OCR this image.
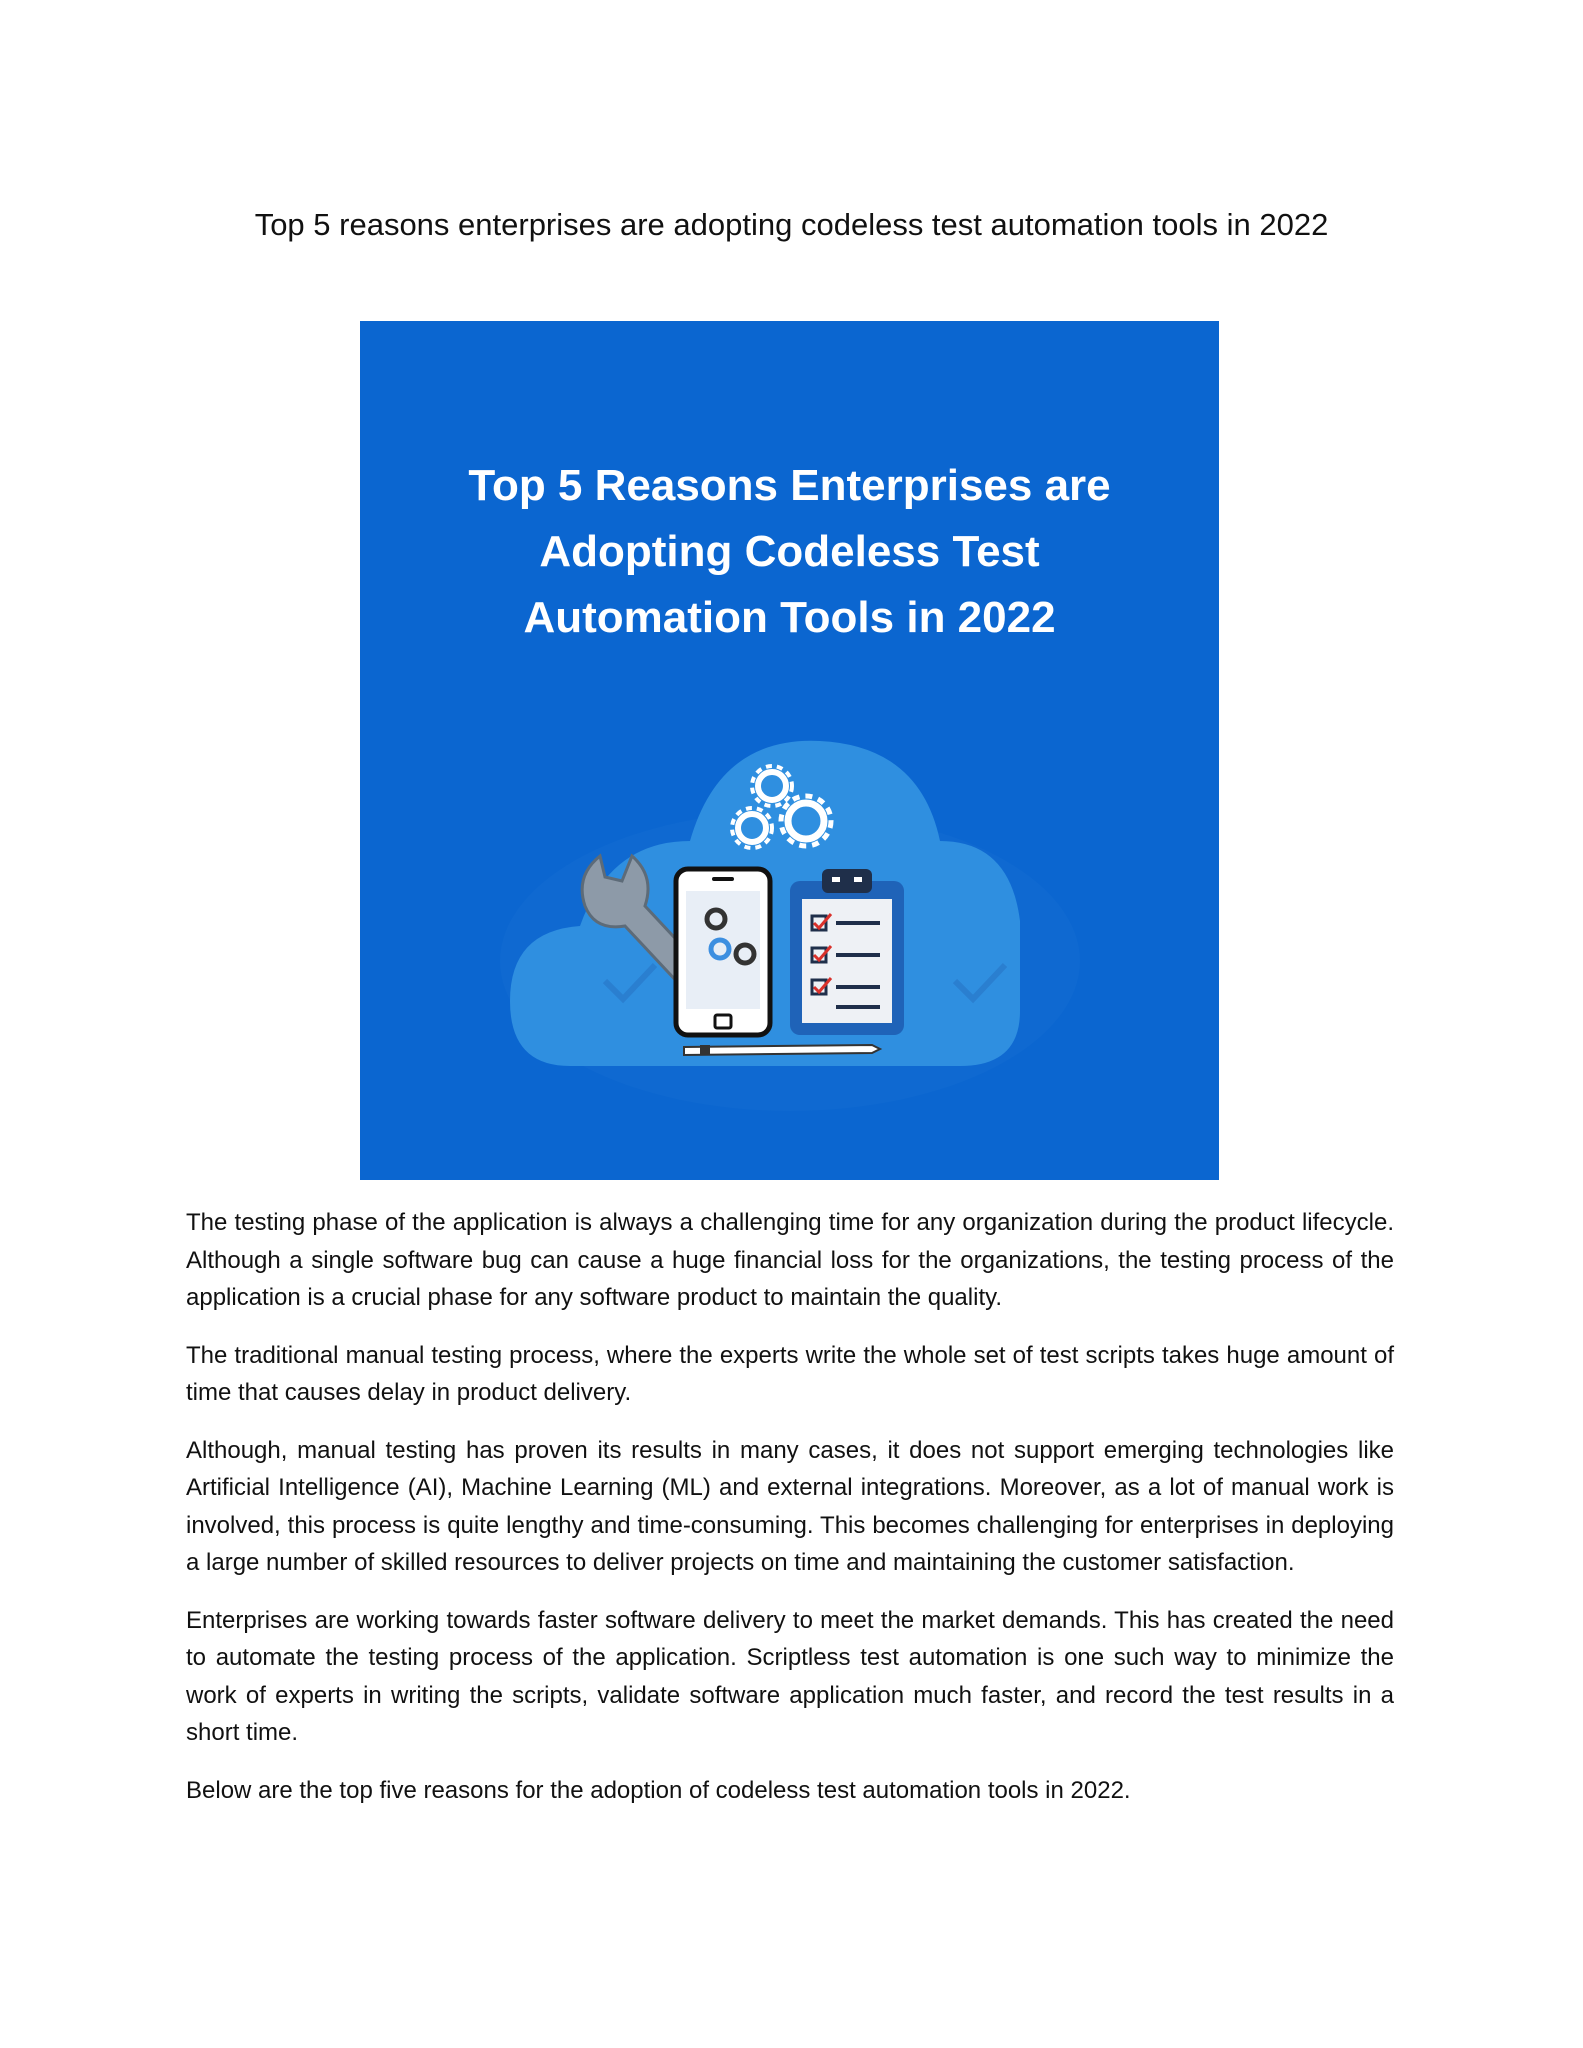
Top 5 reasons enterprises are adopting codeless test automation tools in 2022
Top 5 Reasons Enterprises are
Adopting Codeless Test
Automation Tools in 2022

The testing phase of the application is always a challenging time for any organization during the product lifecycle. Although a single software bug can cause a huge financial loss for the organizations, the testing process of the application is a crucial phase for any software product to maintain the quality.

The traditional manual testing process, where the experts write the whole set of test scripts takes huge amount of time that causes delay in product delivery.

Although, manual testing has proven its results in many cases, it does not support emerging technologies like Artificial Intelligence (AI), Machine Learning (ML) and external integrations. Moreover, as a lot of manual work is involved, this process is quite lengthy and time-consuming. This becomes challenging for enterprises in deploying a large number of skilled resources to deliver projects on time and maintaining the customer satisfaction.

Enterprises are working towards faster software delivery to meet the market demands. This has created the need to automate the testing process of the application. Scriptless test automation is one such way to minimize the work of experts in writing the scripts, validate software application much faster, and record the test results in a short time.

Below are the top five reasons for the adoption of codeless test automation tools in 2022.
